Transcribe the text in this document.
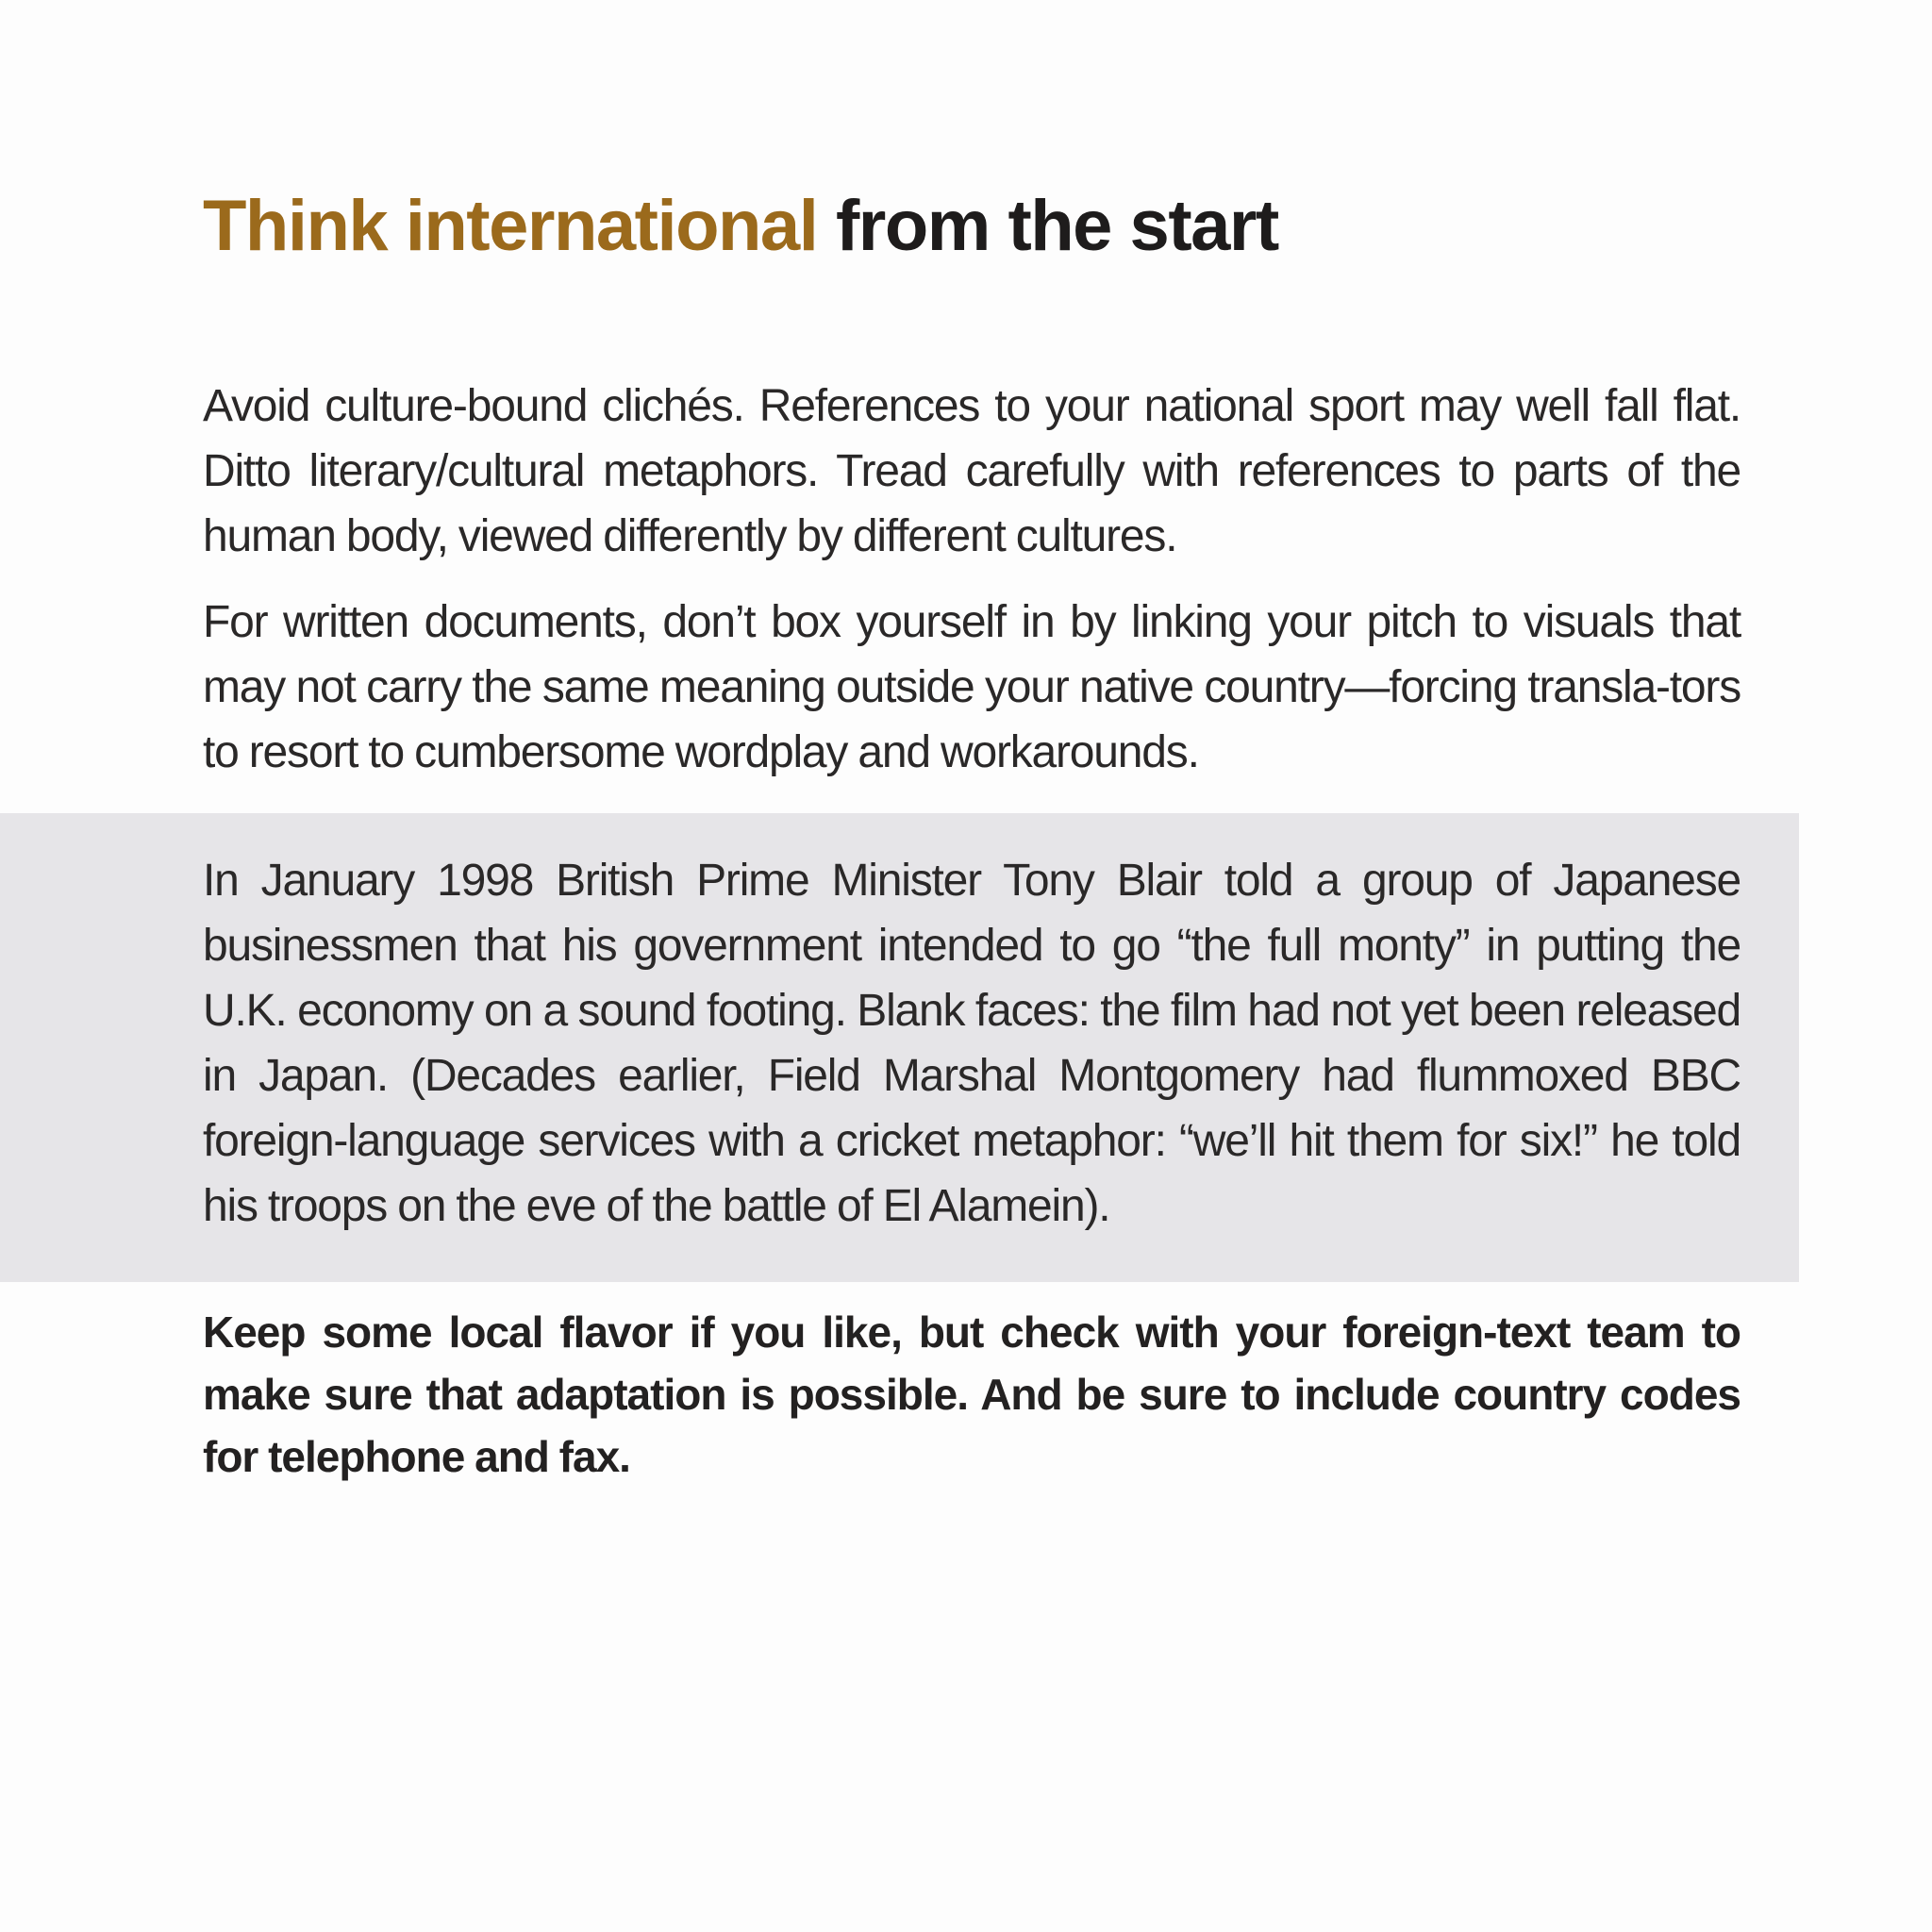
Think international from the start

Avoid culture-bound clichés. References to your national sport may well fall flat. Ditto literary/cultural metaphors. Tread carefully with references to parts of the human body, viewed differently by different cultures.

For written documents, don’t box yourself in by linking your pitch to visuals that may not carry the same meaning outside your native country—forcing transla-tors to resort to cumbersome wordplay and workarounds.

In January 1998 British Prime Minister Tony Blair told a group of Japanese businessmen that his government intended to go “the full monty” in putting the U.K. economy on a sound footing. Blank faces: the film had not yet been released in Japan. (Decades earlier, Field Marshal Montgomery had flummoxed BBC foreign-language services with a cricket metaphor: “we’ll hit them for six!” he told his troops on the eve of the battle of El Alamein).

Keep some local flavor if you like, but check with your foreign-text team to make sure that adaptation is possible. And be sure to include country codes for telephone and fax.
